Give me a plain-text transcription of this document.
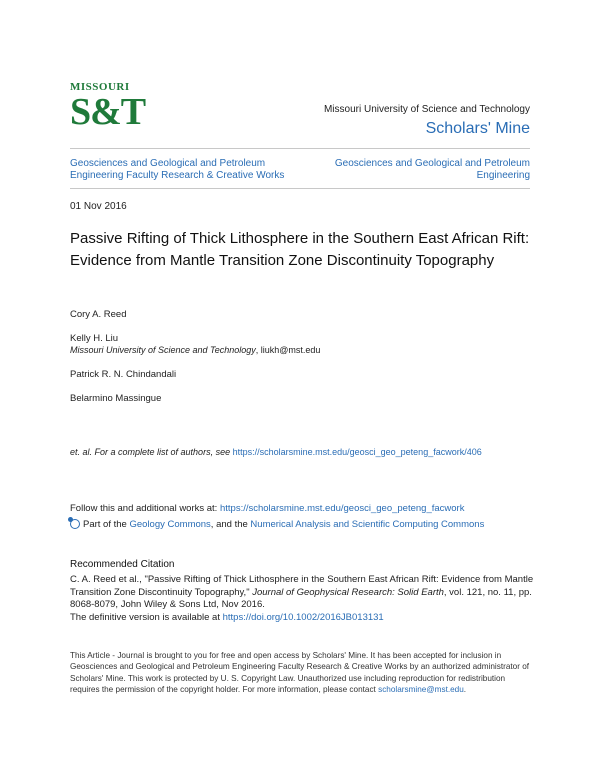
MISSOURI
S&T	Missouri University of Science and Technology
Scholars' Mine
Geosciences and Geological and Petroleum Engineering Faculty Research & Creative Works
Geosciences and Geological and Petroleum Engineering
01 Nov 2016
Passive Rifting of Thick Lithosphere in the Southern East African Rift: Evidence from Mantle Transition Zone Discontinuity Topography
Cory A. Reed
Kelly H. Liu
Missouri University of Science and Technology, liukh@mst.edu
Patrick R. N. Chindandali
Belarmino Massingue
et. al. For a complete list of authors, see https://scholarsmine.mst.edu/geosci_geo_peteng_facwork/406
Follow this and additional works at: https://scholarsmine.mst.edu/geosci_geo_peteng_facwork
Part of the Geology Commons, and the Numerical Analysis and Scientific Computing Commons
Recommended Citation
C. A. Reed et al., "Passive Rifting of Thick Lithosphere in the Southern East African Rift: Evidence from Mantle Transition Zone Discontinuity Topography," Journal of Geophysical Research: Solid Earth, vol. 121, no. 11, pp. 8068-8079, John Wiley & Sons Ltd, Nov 2016.
The definitive version is available at https://doi.org/10.1002/2016JB013131
This Article - Journal is brought to you for free and open access by Scholars' Mine. It has been accepted for inclusion in Geosciences and Geological and Petroleum Engineering Faculty Research & Creative Works by an authorized administrator of Scholars' Mine. This work is protected by U. S. Copyright Law. Unauthorized use including reproduction for redistribution requires the permission of the copyright holder. For more information, please contact scholarsmine@mst.edu.
